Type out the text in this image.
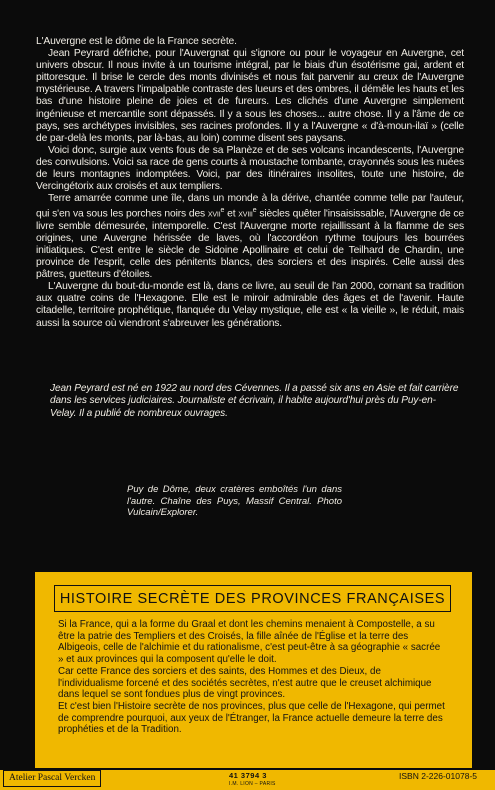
L'Auvergne est le dôme de la France secrète.

Jean Peyrard défriche, pour l'Auvergnat qui s'ignore ou pour le voyageur en Auvergne, cet univers obscur. Il nous invite à un tourisme intégral, par le biais d'un ésotérisme gai, ardent et pittoresque. Il brise le cercle des monts divinisés et nous fait parvenir au creux de l'Auvergne mystérieuse. A travers l'impalpable contraste des lueurs et des ombres, il démêle les hauts et les bas d'une histoire pleine de joies et de fureurs. Les clichés d'une Auvergne simplement ingénieuse et mercantile sont dépassés. Il y a sous les choses... autre chose. Il y a l'âme de ce pays, ses archétypes invisibles, ses racines profondes. Il y a l'Auvergne « d'à-moun-ilaï » (celle de par-delà les monts, par là-bas, au loin) comme disent ses paysans.

Voici donc, surgie aux vents fous de sa Planèze et de ses volcans incandescents, l'Auvergne des convulsions. Voici sa race de gens courts à moustache tombante, crayonnés sous les nuées de leurs montagnes indomptées. Voici, par des itinéraires insolites, toute une histoire, de Vercingétorix aux croisés et aux templiers.

Terre amarrée comme une île, dans un monde à la dérive, chantée comme telle par l'auteur, qui s'en va sous les porches noirs des xvii$^e$ et xviii$^e$ siècles quêter l'insaisissable, l'Auvergne de ce livre semble démesurée, intemporelle. C'est l'Auvergne morte rejaillissant à la flamme de ses origines, une Auvergne hérissée de laves, où l'accordéon rythme toujours les bourrées initiatiques. C'est entre le siècle de Sidoine Apollinaire et celui de Teilhard de Chardin, une province de l'esprit, celle des pénitents blancs, des sorciers et des inspirés. Celle aussi des pâtres, guetteurs d'étoiles.

L'Auvergne du bout-du-monde est là, dans ce livre, au seuil de l'an 2000, cornant sa tradition aux quatre coins de l'Hexagone. Elle est le miroir admirable des âges et de l'avenir. Haute citadelle, territoire prophétique, flanquée du Velay mystique, elle est « la vieille », le réduit, mais aussi la source où viendront s'abreuver les générations.

Jean Peyrard est né en 1922 au nord des Cévennes. Il a passé six ans en Asie et fait carrière dans les services judiciaires. Journaliste et écrivain, il habite aujourd'hui près du Puy-en-Velay. Il a publié de nombreux ouvrages.
Puy de Dôme, deux cratères emboîtés l'un dans l'autre. Chaîne des Puys, Massif Central. Photo Vulcain/Explorer.
HISTOIRE SECRÈTE DES PROVINCES FRANÇAISES

Si la France, qui a la forme du Graal et dont les chemins menaient à Compostelle, a su être la patrie des Templiers et des Croisés, la fille aînée de l'Église et la terre des Albigeois, celle de l'alchimie et du rationalisme, c'est peut-être à sa géographie « sacrée » et aux provinces qui la composent qu'elle le doit.

Car cette France des sorciers et des saints, des Hommes et des Dieux, de l'individualisme forcené et des sociétés secrètes, n'est autre que le creuset alchimique dans lequel se sont fondues plus de vingt provinces.

Et c'est bien l'Histoire secrète de nos provinces, plus que celle de l'Hexagone, qui permet de comprendre pourquoi, aux yeux de l'Étranger, la France actuelle demeure la terre des prophéties et de la Tradition.

Atelier Pascal Vercken	41 3794 3
I.M. LION – PARIS
ISBN 2-226-01078-5
